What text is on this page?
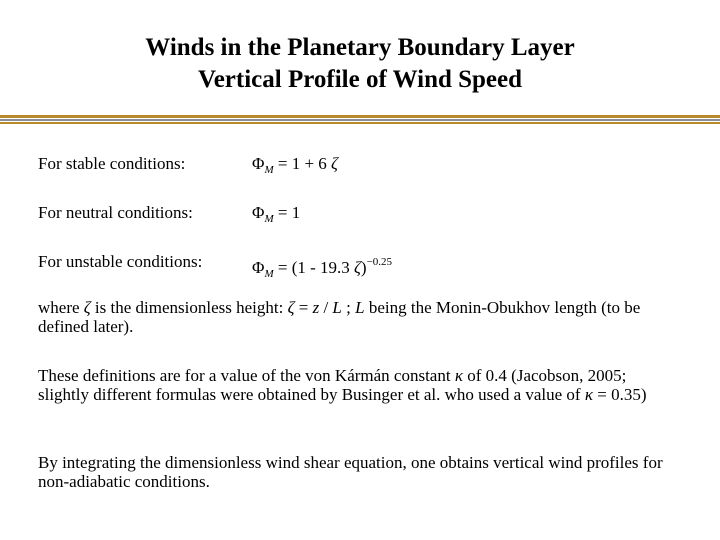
Winds in the Planetary Boundary Layer
Vertical Profile of Wind Speed
For stable conditions:	$\Phi_M = 1 + 6$ ζ
For neutral conditions:	$\Phi_M = 1$
For unstable conditions:	$\Phi_M = (1 - 19.3$ ζ)$^{-0.25}$
where ζ is the dimensionless height: ζ = z / L ; L being the Monin-Obukhov length (to be defined later).
These definitions are for a value of the von Kármán constant κ of 0.4 (Jacobson, 2005; slightly different formulas were obtained by Businger et al. who used a value of κ = 0.35)
By integrating the dimensionless wind shear equation, one obtains vertical wind profiles for non-adiabatic conditions.
